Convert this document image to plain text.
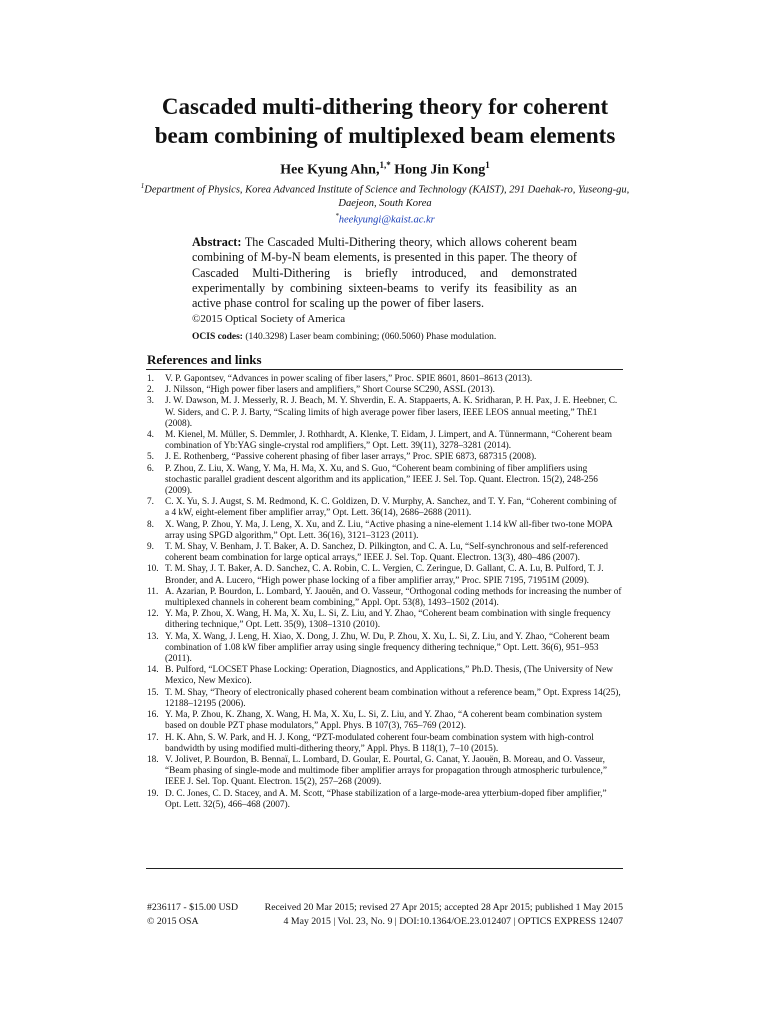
Cascaded multi-dithering theory for coherent
beam combining of multiplexed beam elements
Hee Kyung Ahn,$^{1,*}$ Hong Jin Kong$^1$
$^1$Department of Physics, Korea Advanced Institute of Science and Technology (KAIST), 291 Daehak-ro, Yuseong-gu, Daejeon, South Korea
*heekyungi@kaist.ac.kr
Abstract: The Cascaded Multi-Dithering theory, which allows coherent beam combining of M-by-N beam elements, is presented in this paper. The theory of Cascaded Multi-Dithering is briefly introduced, and demonstrated experimentally by combining sixteen-beams to verify its feasibility as an active phase control for scaling up the power of fiber lasers.
©2015 Optical Society of America
OCIS codes: (140.3298) Laser beam combining; (060.5060) Phase modulation.
References and links
1.	V. P. Gapontsev, “Advances in power scaling of fiber lasers,” Proc. SPIE 8601, 8601–8613 (2013).
2.	J. Nilsson, “High power fiber lasers and amplifiers,” Short Course SC290, ASSL (2013).
3.	J. W. Dawson, M. J. Messerly, R. J. Beach, M. Y. Shverdin, E. A. Stappaerts, A. K. Sridharan, P. H. Pax, J. E. Heebner, C. W. Siders, and C. P. J. Barty, “Scaling limits of high average power fiber lasers, IEEE LEOS annual meeting,” ThE1 (2008).
4.	M. Kienel, M. Müller, S. Demmler, J. Rothhardt, A. Klenke, T. Eidam, J. Limpert, and A. Tünnermann, “Coherent beam combination of Yb:YAG single-crystal rod amplifiers,” Opt. Lett. 39(11), 3278–3281 (2014).
5.	J. E. Rothenberg, “Passive coherent phasing of fiber laser arrays,” Proc. SPIE 6873, 687315 (2008).
6.	P. Zhou, Z. Liu, X. Wang, Y. Ma, H. Ma, X. Xu, and S. Guo, “Coherent beam combining of fiber amplifiers using stochastic parallel gradient descent algorithm and its application,” IEEE J. Sel. Top. Quant. Electron. 15(2), 248-256 (2009).
7.	C. X. Yu, S. J. Augst, S. M. Redmond, K. C. Goldizen, D. V. Murphy, A. Sanchez, and T. Y. Fan, “Coherent combining of a 4 kW, eight-element fiber amplifier array,” Opt. Lett. 36(14), 2686–2688 (2011).
8.	X. Wang, P. Zhou, Y. Ma, J. Leng, X. Xu, and Z. Liu, “Active phasing a nine-element 1.14 kW all-fiber two-tone MOPA array using SPGD algorithm,” Opt. Lett. 36(16), 3121–3123 (2011).
9.	T. M. Shay, V. Benham, J. T. Baker, A. D. Sanchez, D. Pilkington, and C. A. Lu, “Self-synchronous and self-referenced coherent beam combination for large optical arrays,” IEEE J. Sel. Top. Quant. Electron. 13(3), 480–486 (2007).
10. T. M. Shay, J. T. Baker, A. D. Sanchez, C. A. Robin, C. L. Vergien, C. Zeringue, D. Gallant, C. A. Lu, B. Pulford, T. J. Bronder, and A. Lucero, “High power phase locking of a fiber amplifier array,” Proc. SPIE 7195, 71951M (2009).
11. A. Azarian, P. Bourdon, L. Lombard, Y. Jaouën, and O. Vasseur, “Orthogonal coding methods for increasing the number of multiplexed channels in coherent beam combining,” Appl. Opt. 53(8), 1493–1502 (2014).
12. Y. Ma, P. Zhou, X. Wang, H. Ma, X. Xu, L. Si, Z. Liu, and Y. Zhao, “Coherent beam combination with single frequency dithering technique,” Opt. Lett. 35(9), 1308–1310 (2010).
13. Y. Ma, X. Wang, J. Leng, H. Xiao, X. Dong, J. Zhu, W. Du, P. Zhou, X. Xu, L. Si, Z. Liu, and Y. Zhao, “Coherent beam combination of 1.08 kW fiber amplifier array using single frequency dithering technique,” Opt. Lett. 36(6), 951–953 (2011).
14. B. Pulford, “LOCSET Phase Locking: Operation, Diagnostics, and Applications,” Ph.D. Thesis, (The University of New Mexico, New Mexico).
15. T. M. Shay, “Theory of electronically phased coherent beam combination without a reference beam,” Opt. Express 14(25), 12188–12195 (2006).
16. Y. Ma, P. Zhou, K. Zhang, X. Wang, H. Ma, X. Xu, L. Si, Z. Liu, and Y. Zhao, “A coherent beam combination system based on double PZT phase modulators,” Appl. Phys. B 107(3), 765–769 (2012).
17. H. K. Ahn, S. W. Park, and H. J. Kong, “PZT-modulated coherent four-beam combination system with high-control bandwidth by using modified multi-dithering theory,” Appl. Phys. B 118(1), 7–10 (2015).
18. V. Jolivet, P. Bourdon, B. Bennaï, L. Lombard, D. Goular, E. Pourtal, G. Canat, Y. Jaouën, B. Moreau, and O. Vasseur, “Beam phasing of single-mode and multimode fiber amplifier arrays for propagation through atmospheric turbulence,” IEEE J. Sel. Top. Quant. Electron. 15(2), 257–268 (2009).
19. D. C. Jones, C. D. Stacey, and A. M. Scott, “Phase stabilization of a large-mode-area ytterbium-doped fiber amplifier,” Opt. Lett. 32(5), 466–468 (2007).
#236117 - $15.00 USD	Received 20 Mar 2015; revised 27 Apr 2015; accepted 28 Apr 2015; published 1 May 2015
© 2015 OSA	4 May 2015 | Vol. 23, No. 9 | DOI:10.1364/OE.23.012407 | OPTICS EXPRESS 12407
